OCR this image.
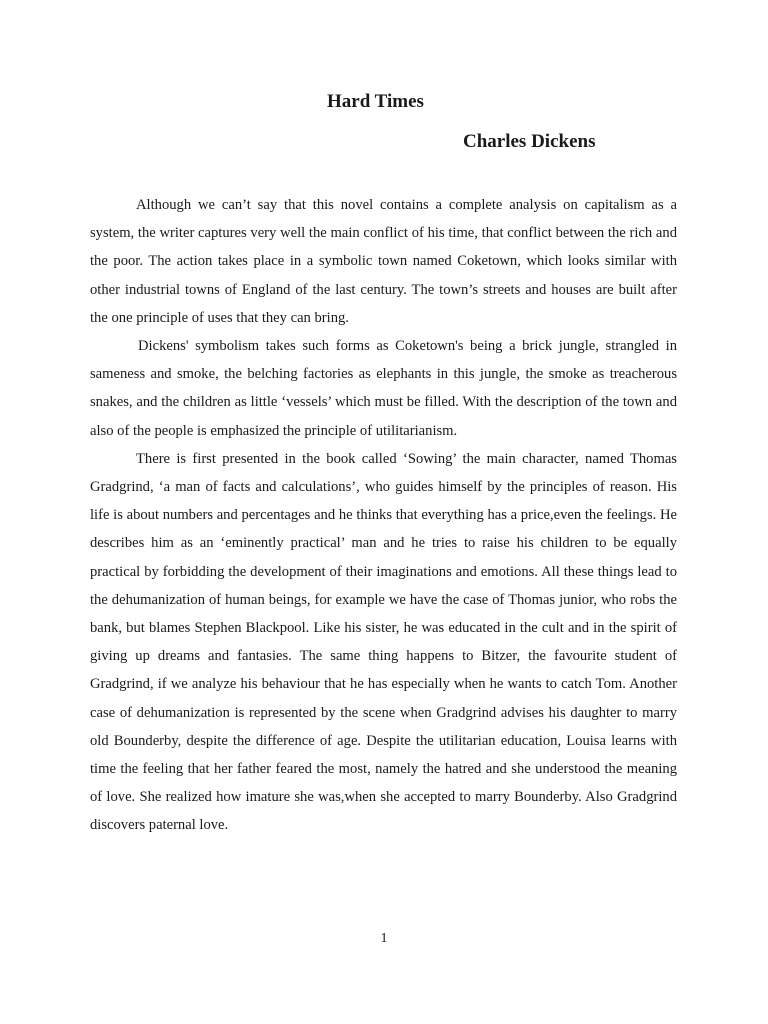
Hard Times
Charles Dickens

Although we can’t say that this novel contains a complete analysis on capitalism as a system, the writer captures very well the main conflict of his time, that conflict between the rich and the poor. The action takes place in a symbolic town named Coketown, which looks similar with other industrial towns of England of the last century. The town’s streets and houses are built after the one principle of uses that they can bring.

Dickens' symbolism takes such forms as Coketown's being a brick jungle, strangled in sameness and smoke, the belching factories as elephants in this jungle, the smoke as treacherous snakes, and the children as little ‘vessels’ which must be filled. With the description of the town and also of the people is emphasized the principle of utilitarianism.

There is first presented in the book called ‘Sowing’ the main character, named Thomas Gradgrind, ‘a man of facts and calculations’, who guides himself by the principles of reason. His life is about numbers and percentages and he thinks that everything has a price,even the feelings. He describes him as an ‘eminently practical’ man and he tries to raise his children to be equally practical by forbidding the development of their imaginations and emotions. All these things lead to the dehumanization of human beings, for example we have the case of Thomas junior, who robs the bank, but blames Stephen Blackpool. Like his sister, he was educated in the cult and in the spirit of giving up dreams and fantasies. The same thing happens to Bitzer, the favourite student of Gradgrind, if we analyze his behaviour that he has especially when he wants to catch Tom. Another case of dehumanization is represented by the scene when Gradgrind advises his daughter to marry old Bounderby, despite the difference of age. Despite the utilitarian education, Louisa learns with time the feeling that her father feared the most, namely the hatred and she understood the meaning of love. She realized how imature she was,when she accepted to marry Bounderby. Also Gradgrind discovers paternal love.

1
